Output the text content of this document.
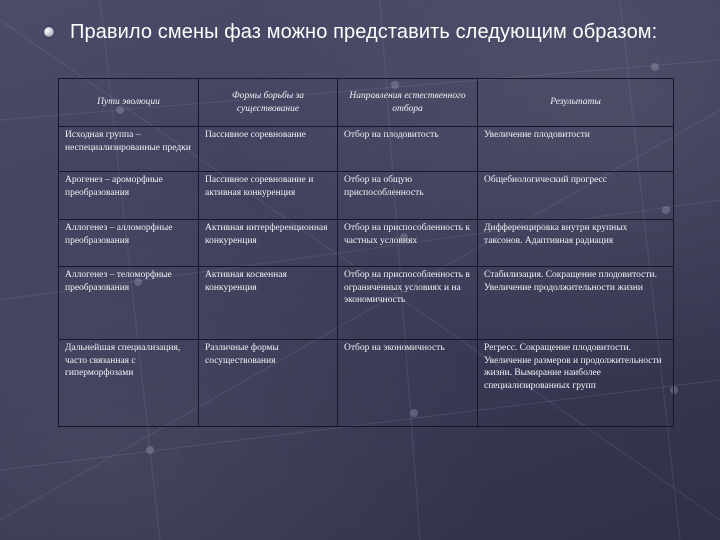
Правило смены фаз можно представить следующим образом:
Пути эволюции	Формы борьбы за существование	Направления естественного отбора	Результаты
Исходная группа – неспециализированные предки	Пассивное соревнование	Отбор на плодовитость	Увеличение плодовитости
Арогенез – ароморфные преобразования	Пассивное соревнование и активная конкуренция	Отбор на общую приспособленность	Общебиологический прогресс
Аллогенез – алломорфные преобразования	Активная интерференционная конкуренция	Отбор на приспособленность к частных условиях	Дифференцировка внутри крупных таксонов. Адаптивная радиация
Аллогенез – теломорфные преобразования	Активная косвенная конкуренция	Отбор на приспособленность в ограниченных условиях и на экономичность	Стабилизация. Сокращение плодовитости. Увеличение продолжительности жизни
Дальнейшая специализация, часто связанная с гиперморфозами	Различные формы сосуществования	Отбор на экономичность	Регресс. Сокращение плодовитости. Увеличение размеров и продолжительности жизни. Вымирание наиболее специализированных групп
